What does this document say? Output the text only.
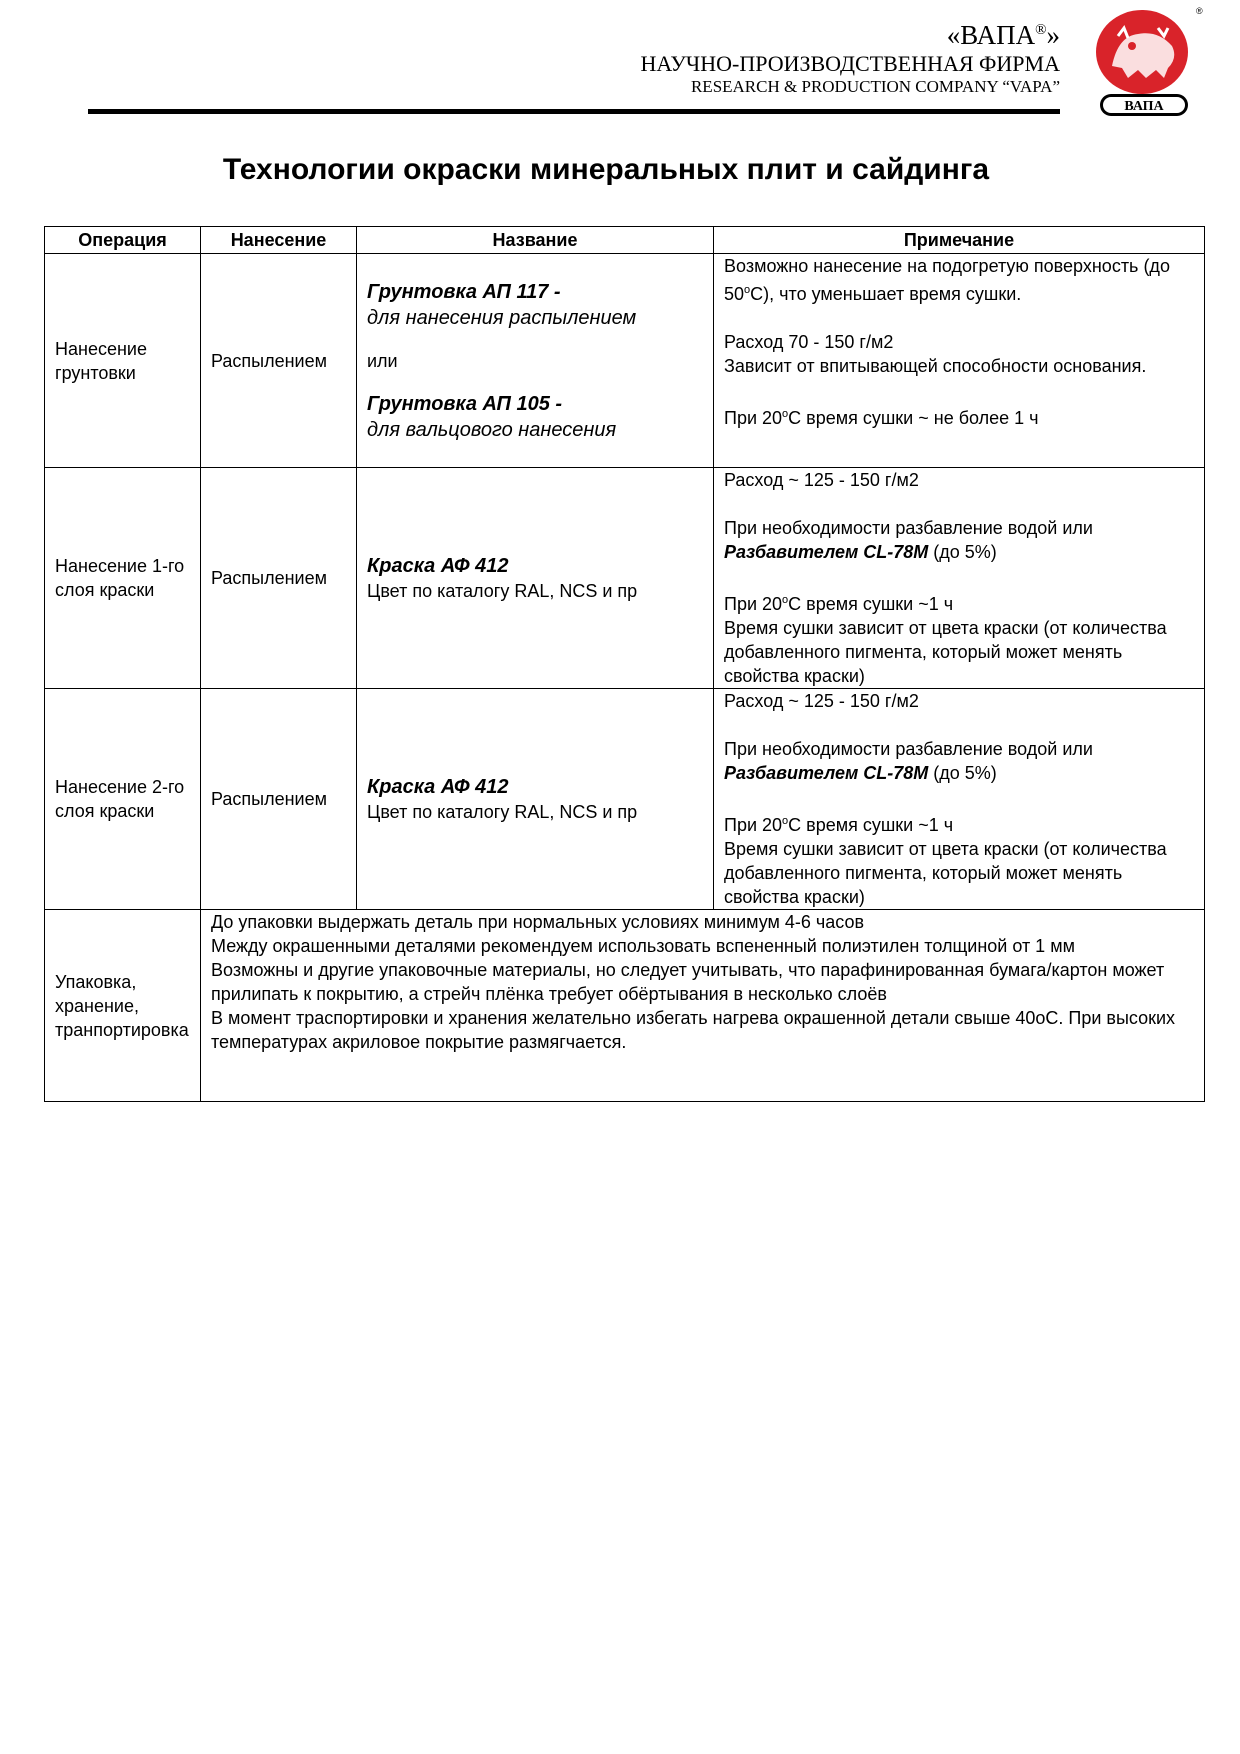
«ВАПА®»
НАУЧНО-ПРОИЗВОДСТВЕННАЯ ФИРМА
RESEARCH & PRODUCTION COMPANY “VAPA”
ВАПА
®
Технологии окраски минеральных плит и сайдинга
Операция	Нанесение	Название	Примечание
Нанесение грунтовки	Распылением	Грунтовка АП 117 -
для нанесения распылением
или
Грунтовка АП 105 -
для вальцового нанесения	Возможно нанесение на подогретую поверхность (до $50^оС$), что уменьшает время сушки.
Расход 70 - 150 г/м2
Зависит от впитывающей способности основания.
При $20^оС$ время сушки ~ не более 1 ч

Нанесение 1-го слоя краски	Распылением	Краска АФ 412
Цвет по каталогу RAL, NCS и пр	Расход ~ 125 - 150 г/м2
При необходимости разбавление водой или Разбавителем CL-78M (до 5%)
При $20^оС$ время сушки ~1 ч
Время сушки зависит от цвета краски (от количества добавленного пигмента, который может менять свойства краски)

Нанесение 2-го слоя краски	Распылением	Краска АФ 412
Цвет по каталогу RAL, NCS и пр	Расход ~ 125 - 150 г/м2
При необходимости разбавление водой или Разбавителем CL-78M (до 5%)
При $20^оС$ время сушки ~1 ч
Время сушки зависит от цвета краски (от количества добавленного пигмента, который может менять свойства краски)

Упаковка, хранение, транпортировка	До упаковки выдержать деталь при нормальных условиях минимум 4-6 часов
Между окрашенными деталями рекомендуем использовать вспененный полиэтилен толщиной от 1 мм
Возможны и другие упаковочные материалы, но следует учитывать, что парафинированная бумага/картон может прилипать к покрытию, а стрейч плёнка требует обёртывания в несколько слоёв
В момент траспортировки и хранения желательно избегать нагрева окрашенной детали свыше 40оС. При высоких температурах акриловое покрытие размягчается.		
